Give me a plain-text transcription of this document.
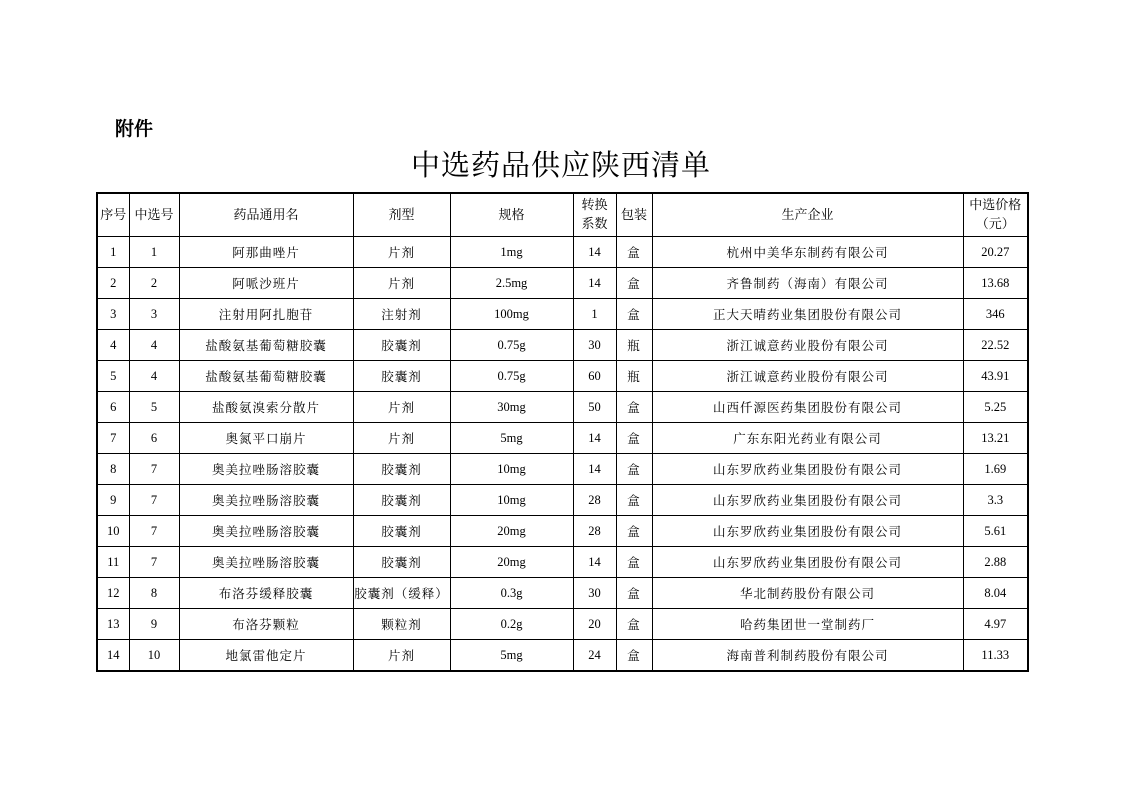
附件
中选药品供应陕西清单
序号	中选号	药品通用名	剂型	规格	转换系数	包装	生产企业	中选价格（元）
1	1	阿那曲唑片	片剂	1mg	14	盒	杭州中美华东制药有限公司	20.27
2	2	阿哌沙班片	片剂	2.5mg	14	盒	齐鲁制药（海南）有限公司	13.68
3	3	注射用阿扎胞苷	注射剂	100mg	1	盒	正大天晴药业集团股份有限公司	346
4	4	盐酸氨基葡萄糖胶囊	胶囊剂	0.75g	30	瓶	浙江诚意药业股份有限公司	22.52
5	4	盐酸氨基葡萄糖胶囊	胶囊剂	0.75g	60	瓶	浙江诚意药业股份有限公司	43.91
6	5	盐酸氨溴索分散片	片剂	30mg	50	盒	山西仟源医药集团股份有限公司	5.25
7	6	奥氮平口崩片	片剂	5mg	14	盒	广东东阳光药业有限公司	13.21
8	7	奥美拉唑肠溶胶囊	胶囊剂	10mg	14	盒	山东罗欣药业集团股份有限公司	1.69
9	7	奥美拉唑肠溶胶囊	胶囊剂	10mg	28	盒	山东罗欣药业集团股份有限公司	3.3
10	7	奥美拉唑肠溶胶囊	胶囊剂	20mg	28	盒	山东罗欣药业集团股份有限公司	5.61
11	7	奥美拉唑肠溶胶囊	胶囊剂	20mg	14	盒	山东罗欣药业集团股份有限公司	2.88
12	8	布洛芬缓释胶囊	胶囊剂（缓释）	0.3g	30	盒	华北制药股份有限公司	8.04
13	9	布洛芬颗粒	颗粒剂	0.2g	20	盒	哈药集团世一堂制药厂	4.97
14	10	地氯雷他定片	片剂	5mg	24	盒	海南普利制药股份有限公司	11.33
